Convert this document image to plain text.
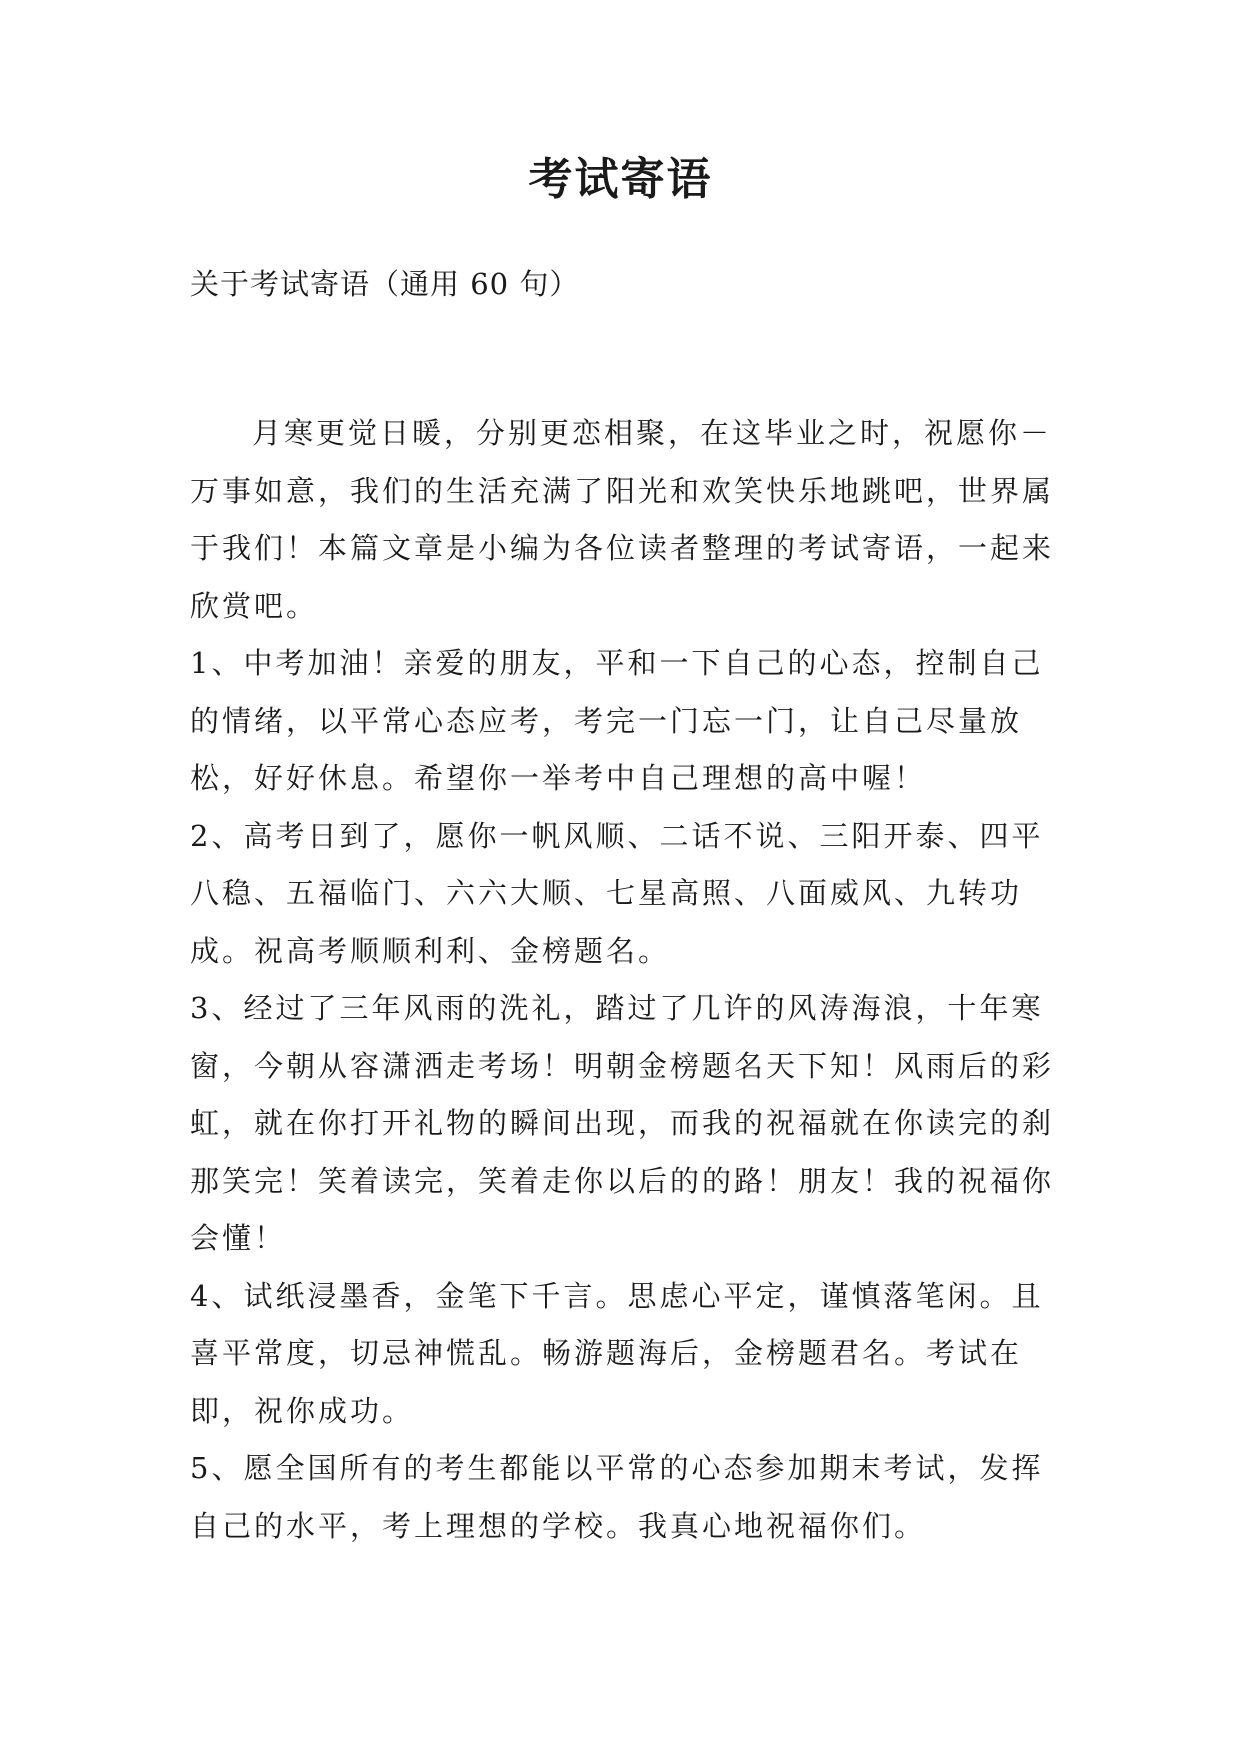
考试寄语
关于考试寄语（通用 60 句）

月寒更觉日暖，分别更恋相聚，在这毕业之时，祝愿你－万事如意，我们的生活充满了阳光和欢笑快乐地跳吧，世界属于我们！本篇文章是小编为各位读者整理的考试寄语，一起来欣赏吧。

1、中考加油！亲爱的朋友，平和一下自己的心态，控制自己的情绪，以平常心态应考，考完一门忘一门，让自己尽量放松，好好休息。希望你一举考中自己理想的高中喔！

2、高考日到了，愿你一帆风顺、二话不说、三阳开泰、四平八稳、五福临门、六六大顺、七星高照、八面威风、九转功成。祝高考顺顺利利、金榜题名。

3、经过了三年风雨的洗礼，踏过了几许的风涛海浪，十年寒窗，今朝从容潇洒走考场！明朝金榜题名天下知！风雨后的彩虹，就在你打开礼物的瞬间出现，而我的祝福就在你读完的刹那笑完！笑着读完，笑着走你以后的的路！朋友！我的祝福你会懂！

4、试纸浸墨香，金笔下千言。思虑心平定，谨慎落笔闲。且喜平常度，切忌神慌乱。畅游题海后，金榜题君名。考试在即，祝你成功。

5、愿全国所有的考生都能以平常的心态参加期末考试，发挥自己的水平，考上理想的学校。我真心地祝福你们。
